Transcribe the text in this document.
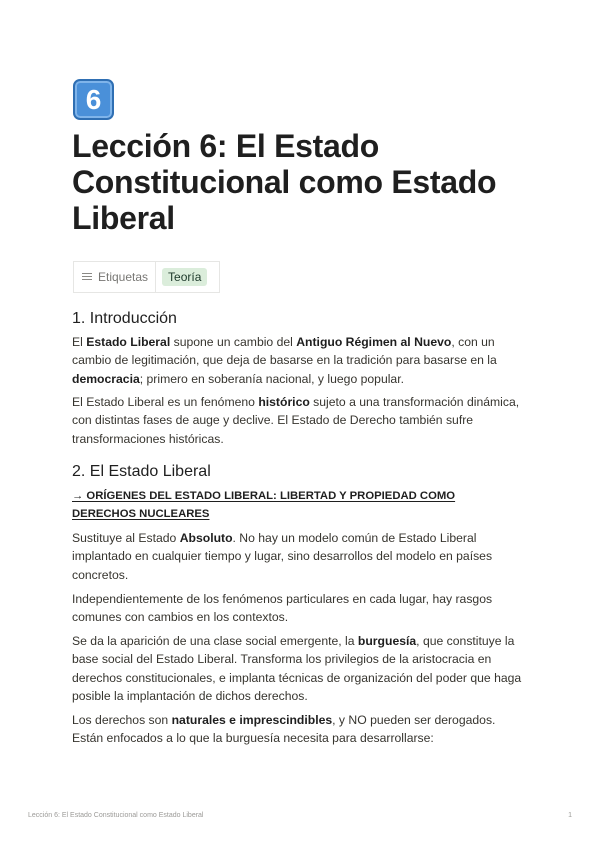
6
Lección 6: El Estado Constitucional como Estado Liberal
Etiquetas	Teoría
1. Introducción

El Estado Liberal supone un cambio del Antiguo Régimen al Nuevo, con un cambio de legitimación, que deja de basarse en la tradición para basarse en la democracia; primero en soberanía nacional, y luego popular.

El Estado Liberal es un fenómeno histórico sujeto a una transformación dinámica, con distintas fases de auge y declive. El Estado de Derecho también sufre transformaciones históricas.

2. El Estado Liberal
→ ORÍGENES DEL ESTADO LIBERAL: LIBERTAD Y PROPIEDAD COMO DERECHOS NUCLEARES

Sustituye al Estado Absoluto. No hay un modelo común de Estado Liberal implantado en cualquier tiempo y lugar, sino desarrollos del modelo en países concretos.

Independientemente de los fenómenos particulares en cada lugar, hay rasgos comunes con cambios en los contextos.

Se da la aparición de una clase social emergente, la burguesía, que constituye la base social del Estado Liberal. Transforma los privilegios de la aristocracia en derechos constitucionales, e implanta técnicas de organización del poder que haga posible la implantación de dichos derechos.

Los derechos son naturales e imprescindibles, y NO pueden ser derogados. Están enfocados a lo que la burguesía necesita para desarrollarse:

Lección 6: El Estado Constitucional como Estado Liberal	1
